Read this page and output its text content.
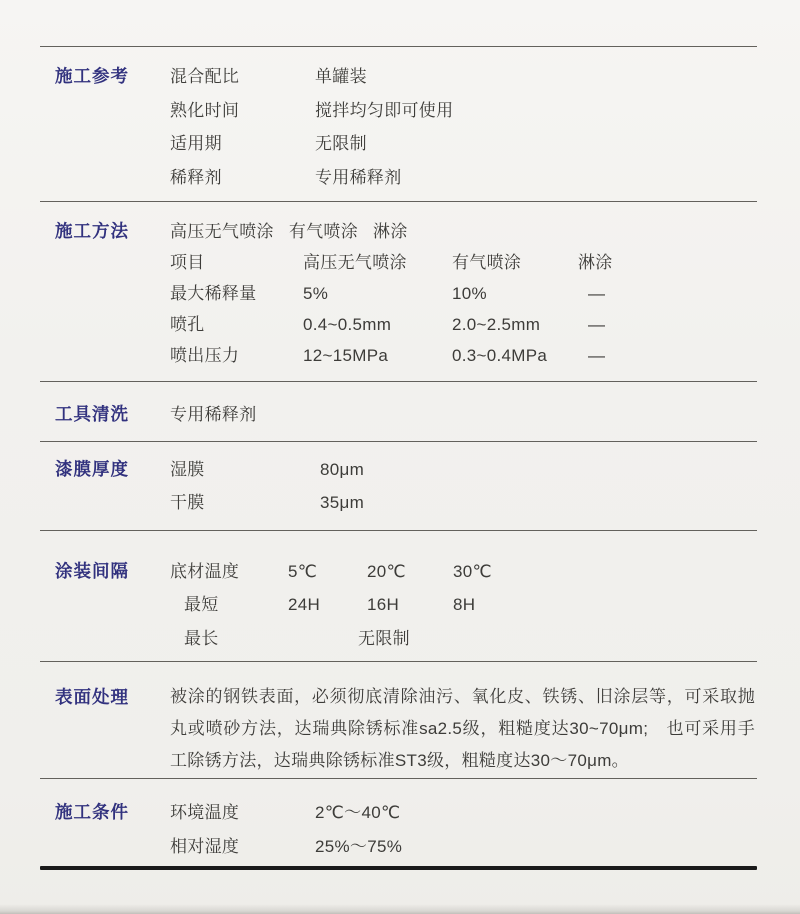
施工参考	混合配比	单罐装
熟化时间	搅拌均匀即可使用
适用期	无限制
稀释剂	专用稀释剂
施工方法	高压无气喷涂 有气喷涂 淋涂
项目	高压无气喷涂	有气喷涂	淋涂
最大稀释量	5%	10%	—
喷孔	0.4~0.5mm	2.0~2.5mm	—
喷出压力	12~15MPa	0.3~0.4MPa	—
工具清洗	专用稀释剂
漆膜厚度	湿膜	80μm
干膜	35μm
涂装间隔	底材温度	5℃	20℃	30℃
最短	24H	16H	8H
最长	无限制
表面处理	被涂的钢铁表面，必须彻底清除油污、氧化皮、铁锈、旧涂层等，可采取抛丸或喷砂方法，达瑞典除锈标准sa2.5级，粗糙度达30~70μm;　也可采用手工除锈方法，达瑞典除锈标准ST3级，粗糙度达30～70μm。

施工条件	环境温度	2℃～40℃
相对湿度	25%～75%
